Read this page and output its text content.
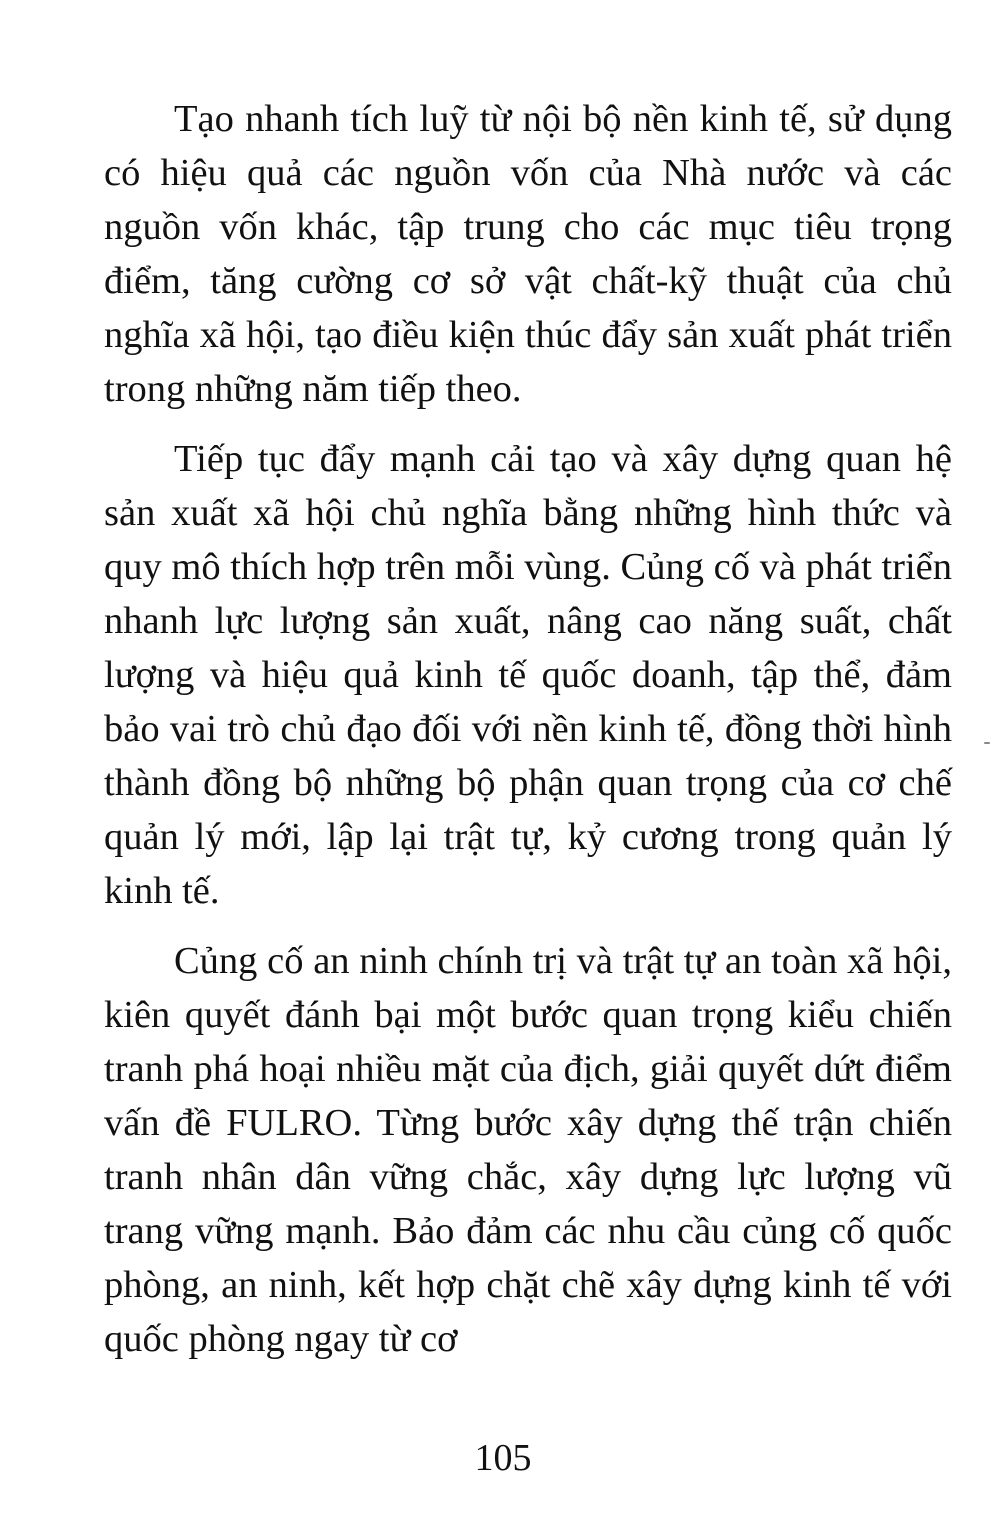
Tạo nhanh tích luỹ từ nội bộ nền kinh tế, sử dụng có hiệu quả các nguồn vốn của Nhà nước và các nguồn vốn khác, tập trung cho các mục tiêu trọng điểm, tăng cường cơ sở vật chất-kỹ thuật của chủ nghĩa xã hội, tạo điều kiện thúc đẩy sản xuất phát triển trong những năm tiếp theo.

Tiếp tục đẩy mạnh cải tạo và xây dựng quan hệ sản xuất xã hội chủ nghĩa bằng những hình thức và quy mô thích hợp trên mỗi vùng. Củng cố và phát triển nhanh lực lượng sản xuất, nâng cao năng suất, chất lượng và hiệu quả kinh tế quốc doanh, tập thể, đảm bảo vai trò chủ đạo đối với nền kinh tế, đồng thời hình thành đồng bộ những bộ phận quan trọng của cơ chế quản lý mới, lập lại trật tự, kỷ cương trong quản lý kinh tế.

Củng cố an ninh chính trị và trật tự an toàn xã hội, kiên quyết đánh bại một bước quan trọng kiểu chiến tranh phá hoại nhiều mặt của địch, giải quyết dứt điểm vấn đề FULRO. Từng bước xây dựng thế trận chiến tranh nhân dân vững chắc, xây dựng lực lượng vũ trang vững mạnh. Bảo đảm các nhu cầu củng cố quốc phòng, an ninh, kết hợp chặt chẽ xây dựng kinh tế với quốc phòng ngay từ cơ

105
